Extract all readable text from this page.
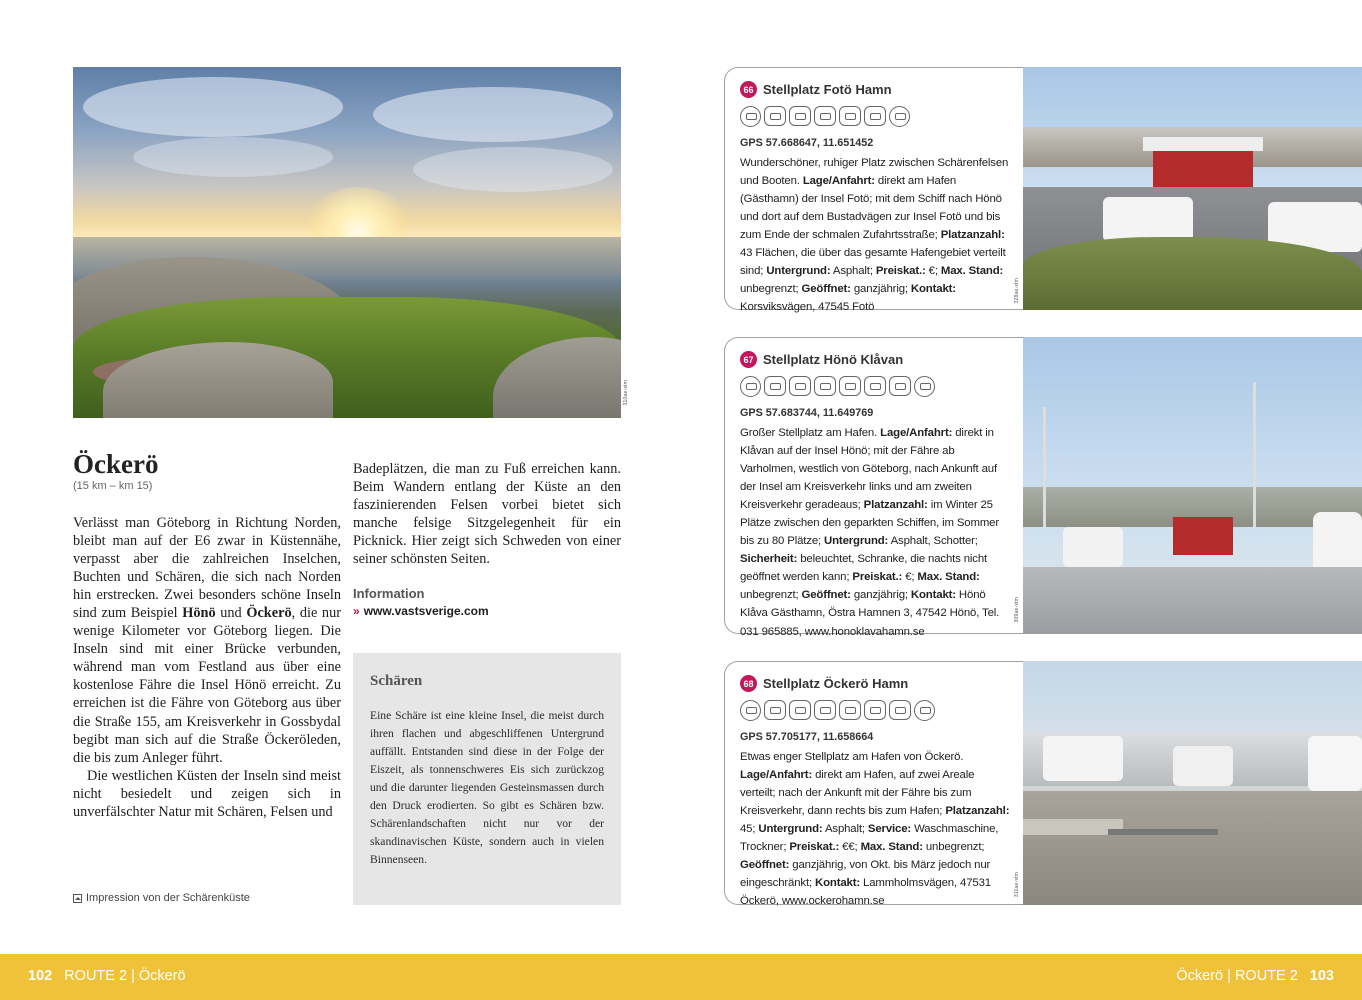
310ae-stm
Öckerö
(15 km – km 15)

Verlässt man Göteborg in Richtung Norden, bleibt man auf der E6 zwar in Küstennähe, verpasst aber die zahlreichen Inselchen, Buchten und Schären, die sich nach Norden hin erstrecken. Zwei besonders schöne Inseln sind zum Beispiel Hönö und Öckerö, die nur wenige Kilometer vor Göteborg liegen. Die Inseln sind mit einer Brücke verbunden, während man vom Festland aus über eine kostenlose Fähre die Insel Hönö erreicht. Zu erreichen ist die Fähre von Göteborg aus über die Straße 155, am Kreisverkehr in Gossbydal begibt man sich auf die Straße Öckeröleden, die bis zum Anleger führt.

Die westlichen Küsten der Inseln sind meist nicht besiedelt und zeigen sich in unverfälschter Natur mit Schären, Felsen und

Badeplätzen, die man zu Fuß erreichen kann. Beim Wandern entlang der Küste an den faszinierenden Felsen vorbei bietet sich manche felsige Sitzgelegenheit für ein Picknick. Hier zeigt sich Schweden von einer seiner schönsten Seiten.

Information
» www.vastsverige.com
Schären
Eine Schäre ist eine kleine Insel, die meist durch ihren flachen und abgeschliffenen Untergrund auffällt. Entstanden sind diese in der Folge der Eiszeit, als tonnenschweres Eis sich zurückzog und die darunter liegenden Gesteinsmassen durch den Druck erodierten. So gibt es Schären bzw. Schärenlandschaften nicht nur vor der skandinavischen Küste, sondern auch in vielen Binnenseen.
Impression von der Schärenküste
66 Stellplatz Fotö Hamn
GPS 57.668647, 11.651452
Wunderschöner, ruhiger Platz zwischen Schärenfelsen und Booten. Lage/Anfahrt: direkt am Hafen (Gästhamn) der Insel Fotö; mit dem Schiff nach Hönö und dort auf dem Bustadvägen zur Insel Fotö und bis zum Ende der schmalen Zufahrtsstraße; Platzanzahl: 43 Flächen, die über das gesamte Hafengebiet verteilt sind; Untergrund: Asphalt; Preiskat.: €; Max. Stand: unbegrenzt; Geöffnet: ganzjährig; Kontakt: Korsviksvägen, 47545 Fotö
328ae-stm
67 Stellplatz Hönö Klåvan
GPS 57.683744, 11.649769
Großer Stellplatz am Hafen. Lage/Anfahrt: direkt in Klåvan auf der Insel Hönö; mit der Fähre ab Varholmen, westlich von Göteborg, nach Ankunft auf der Insel am Kreisverkehr links und am zweiten Kreisverkehr geradeaus; Platzanzahl: im Winter 25 Plätze zwischen den geparkten Schiffen, im Sommer bis zu 80 Plätze; Untergrund: Asphalt, Schotter; Sicherheit: beleuchtet, Schranke, die nachts nicht geöffnet werden kann; Preiskat.: €; Max. Stand: unbegrenzt; Geöffnet: ganzjährig; Kontakt: Hönö Klåva Gästhamn, Östra Hamnen 3, 47542 Hönö, Tel. 031 965885, www.honoklavahamn.se
309ae-stm
68 Stellplatz Öckerö Hamn
GPS 57.705177, 11.658664
Etwas enger Stellplatz am Hafen von Öckerö. Lage/Anfahrt: direkt am Hafen, auf zwei Areale verteilt; nach der Ankunft mit der Fähre bis zum Kreisverkehr, dann rechts bis zum Hafen; Platzanzahl: 45; Untergrund: Asphalt; Service: Waschmaschine, Trockner; Preiskat.: €€; Max. Stand: unbegrenzt; Geöffnet: ganzjährig, von Okt. bis März jedoch nur eingeschränkt; Kontakt: Lammholmsvägen, 47531 Öckerö, www.ockerohamn.se
311ae-stm
102 ROUTE 2 | Öckerö	Öckerö | ROUTE 2 103
